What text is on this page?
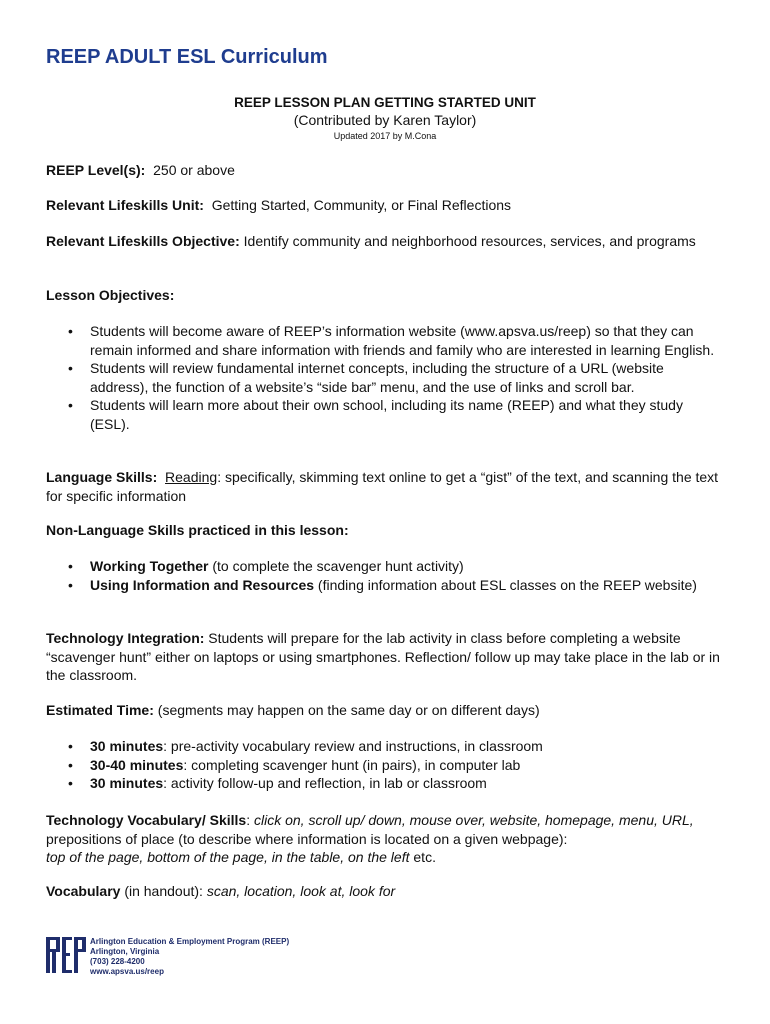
REEP ADULT ESL Curriculum
REEP LESSON PLAN GETTING STARTED UNIT
(Contributed by Karen Taylor)
Updated 2017 by M.Cona
REEP Level(s): 250 or above
Relevant Lifeskills Unit: Getting Started, Community, or Final Reflections
Relevant Lifeskills Objective: Identify community and neighborhood resources, services, and programs
Lesson Objectives:
• Students will become aware of REEP’s information website (www.apsva.us/reep) so that they can remain informed and share information with friends and family who are interested in learning English.
• Students will review fundamental internet concepts, including the structure of a URL (website address), the function of a website’s “side bar” menu, and the use of links and scroll bar.
• Students will learn more about their own school, including its name (REEP) and what they study (ESL).
Language Skills: Reading: specifically, skimming text online to get a “gist” of the text, and scanning the text for specific information
Non-Language Skills practiced in this lesson:
• Working Together (to complete the scavenger hunt activity)
• Using Information and Resources (finding information about ESL classes on the REEP website)
Technology Integration: Students will prepare for the lab activity in class before completing a website “scavenger hunt” either on laptops or using smartphones. Reflection/ follow up may take place in the lab or in the classroom.
Estimated Time: (segments may happen on the same day or on different days)
• 30 minutes: pre-activity vocabulary review and instructions, in classroom
• 30-40 minutes: completing scavenger hunt (in pairs), in computer lab
• 30 minutes: activity follow-up and reflection, in lab or classroom
Technology Vocabulary/ Skills: click on, scroll up/ down, mouse over, website, homepage, menu, URL, prepositions of place (to describe where information is located on a given webpage):
top of the page, bottom of the page, in the table, on the left etc.
Vocabulary (in handout): scan, location, look at, look for
Arlington Education & Employment Program (REEP)
Arlington, Virginia
(703) 228-4200
www.apsva.us/reep
